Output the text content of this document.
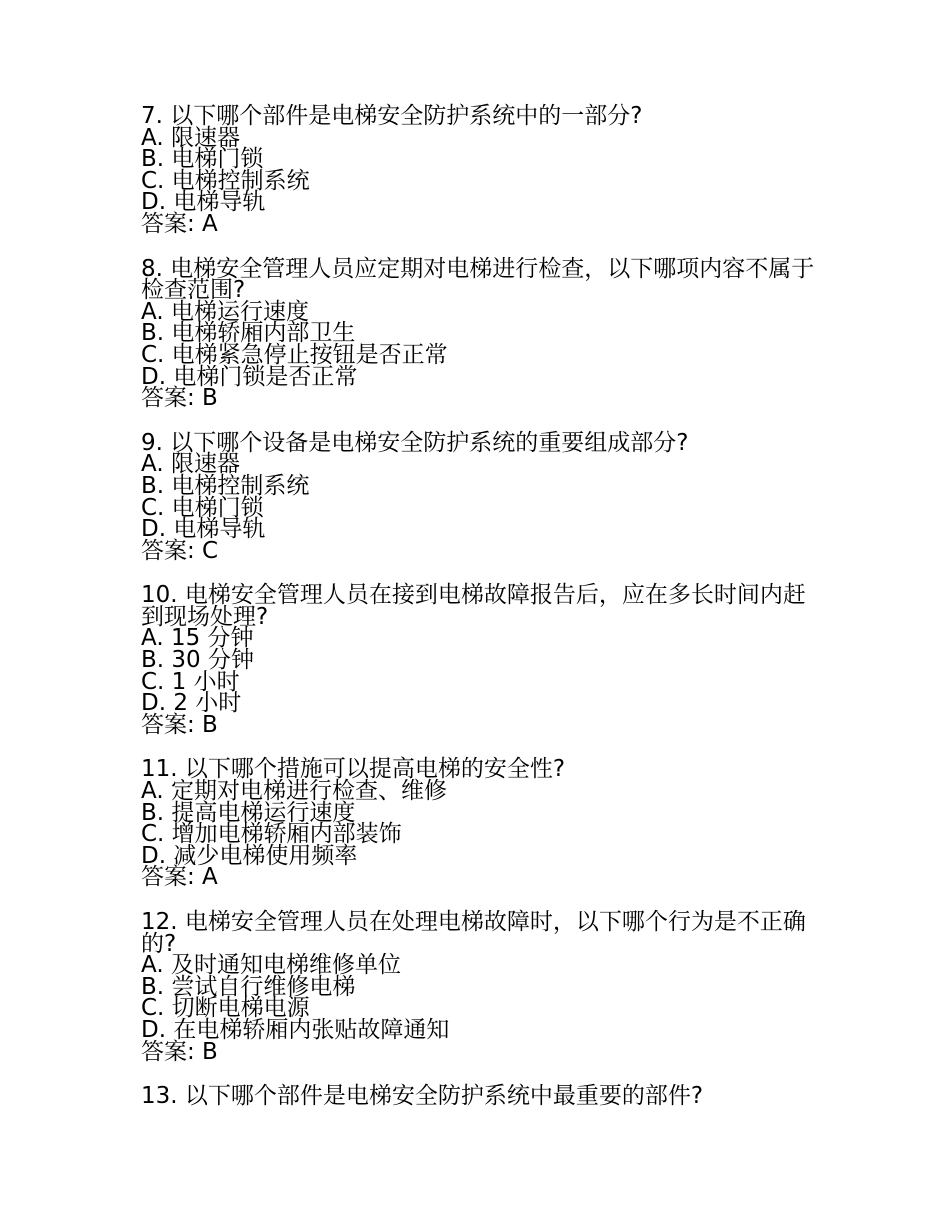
7. 以下哪个部件是电梯安全防护系统中的一部分?
A. 限速器
B. 电梯门锁
C. 电梯控制系统
D. 电梯导轨
答案: A
8. 电梯安全管理人员应定期对电梯进行检查，以下哪项内容不属于检查范围?
A. 电梯运行速度
B. 电梯轿厢内部卫生
C. 电梯紧急停止按钮是否正常
D. 电梯门锁是否正常
答案: B
9. 以下哪个设备是电梯安全防护系统的重要组成部分?
A. 限速器
B. 电梯控制系统
C. 电梯门锁
D. 电梯导轨
答案: C
10. 电梯安全管理人员在接到电梯故障报告后，应在多长时间内赶到现场处理?
A. 15 分钟
B. 30 分钟
C. 1 小时
D. 2 小时
答案: B
11. 以下哪个措施可以提高电梯的安全性?
A. 定期对电梯进行检查、维修
B. 提高电梯运行速度
C. 增加电梯轿厢内部装饰
D. 减少电梯使用频率
答案: A
12. 电梯安全管理人员在处理电梯故障时，以下哪个行为是不正确的?
A. 及时通知电梯维修单位
B. 尝试自行维修电梯
C. 切断电梯电源
D. 在电梯轿厢内张贴故障通知
答案: B
13. 以下哪个部件是电梯安全防护系统中最重要的部件?
